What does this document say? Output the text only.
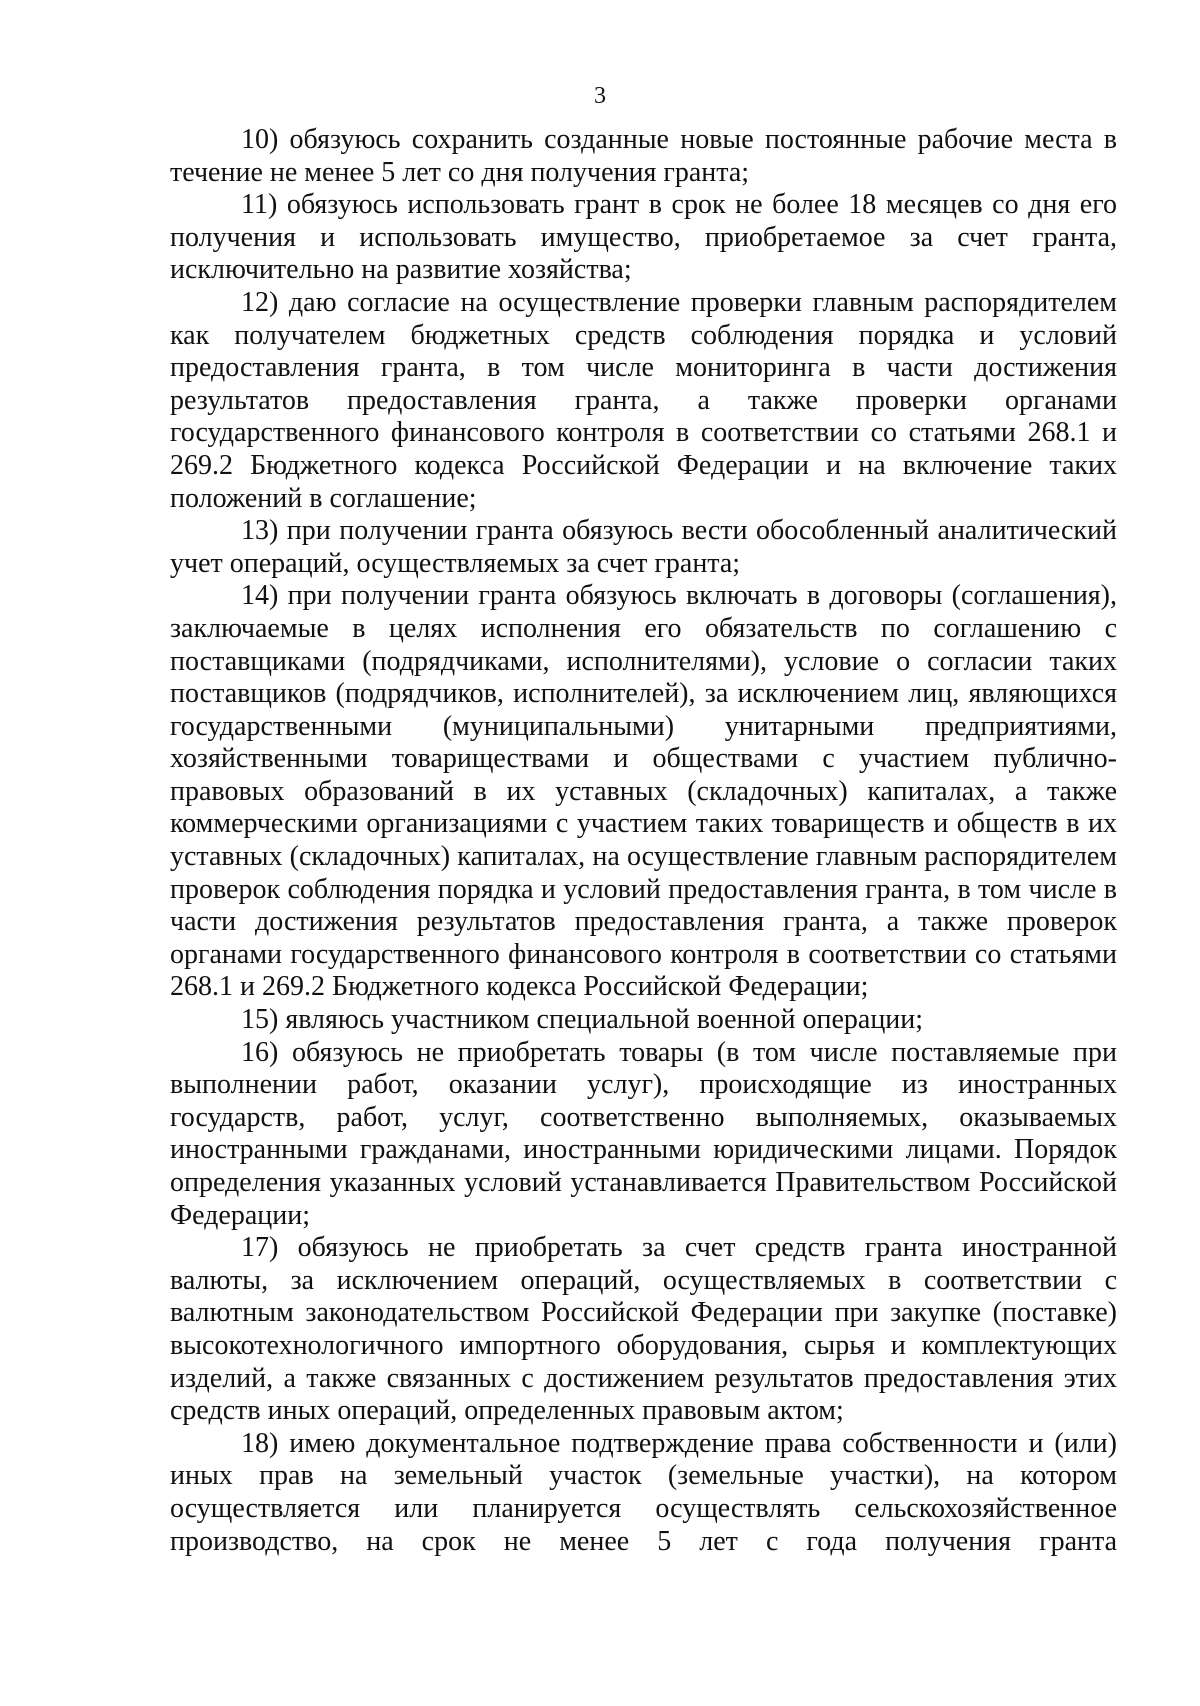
3

10) обязуюсь сохранить созданные новые постоянные рабочие места в течение не менее 5 лет со дня получения гранта;

11) обязуюсь использовать грант в срок не более 18 месяцев со дня его получения и использовать имущество, приобретаемое за счет гранта, исключительно на развитие хозяйства;

12) даю согласие на осуществление проверки главным распорядителем как получателем бюджетных средств соблюдения порядка и условий предоставления гранта, в том числе мониторинга в части достижения результатов предоставления гранта, а также проверки органами государственного финансового контроля в соответствии со статьями 268.1 и 269.2 Бюджетного кодекса Российской Федерации и на включение таких положений в соглашение;

13) при получении гранта обязуюсь вести обособленный аналитический учет операций, осуществляемых за счет гранта;

14) при получении гранта обязуюсь включать в договоры (соглашения), заключаемые в целях исполнения его обязательств по соглашению с поставщиками (подрядчиками, исполнителями), условие о согласии таких поставщиков (подрядчиков, исполнителей), за исключением лиц, являющихся государственными (муниципальными) унитарными предприятиями, хозяйственными товариществами и обществами с участием публично-правовых образований в их уставных (складочных) капиталах, а также коммерческими организациями с участием таких товариществ и обществ в их уставных (складочных) капиталах, на осуществление главным распорядителем проверок соблюдения порядка и условий предоставления гранта, в том числе в части достижения результатов предоставления гранта, а также проверок органами государственного финансового контроля в соответствии со статьями 268.1 и 269.2 Бюджетного кодекса Российской Федерации;

15) являюсь участником специальной военной операции;

16) обязуюсь не приобретать товары (в том числе поставляемые при выполнении работ, оказании услуг), происходящие из иностранных государств, работ, услуг, соответственно выполняемых, оказываемых иностранными гражданами, иностранными юридическими лицами. Порядок определения указанных условий устанавливается Правительством Российской Федерации;

17) обязуюсь не приобретать за счет средств гранта иностранной валюты, за исключением операций, осуществляемых в соответствии с валютным законодательством Российской Федерации при закупке (поставке) высокотехнологичного импортного оборудования, сырья и комплектующих изделий, а также связанных с достижением результатов предоставления этих средств иных операций, определенных правовым актом;

18) имею документальное подтверждение права собственности и (или) иных прав на земельный участок (земельные участки), на котором осуществляется или планируется осуществлять сельскохозяйственное производство, на срок не менее 5 лет с года получения гранта
